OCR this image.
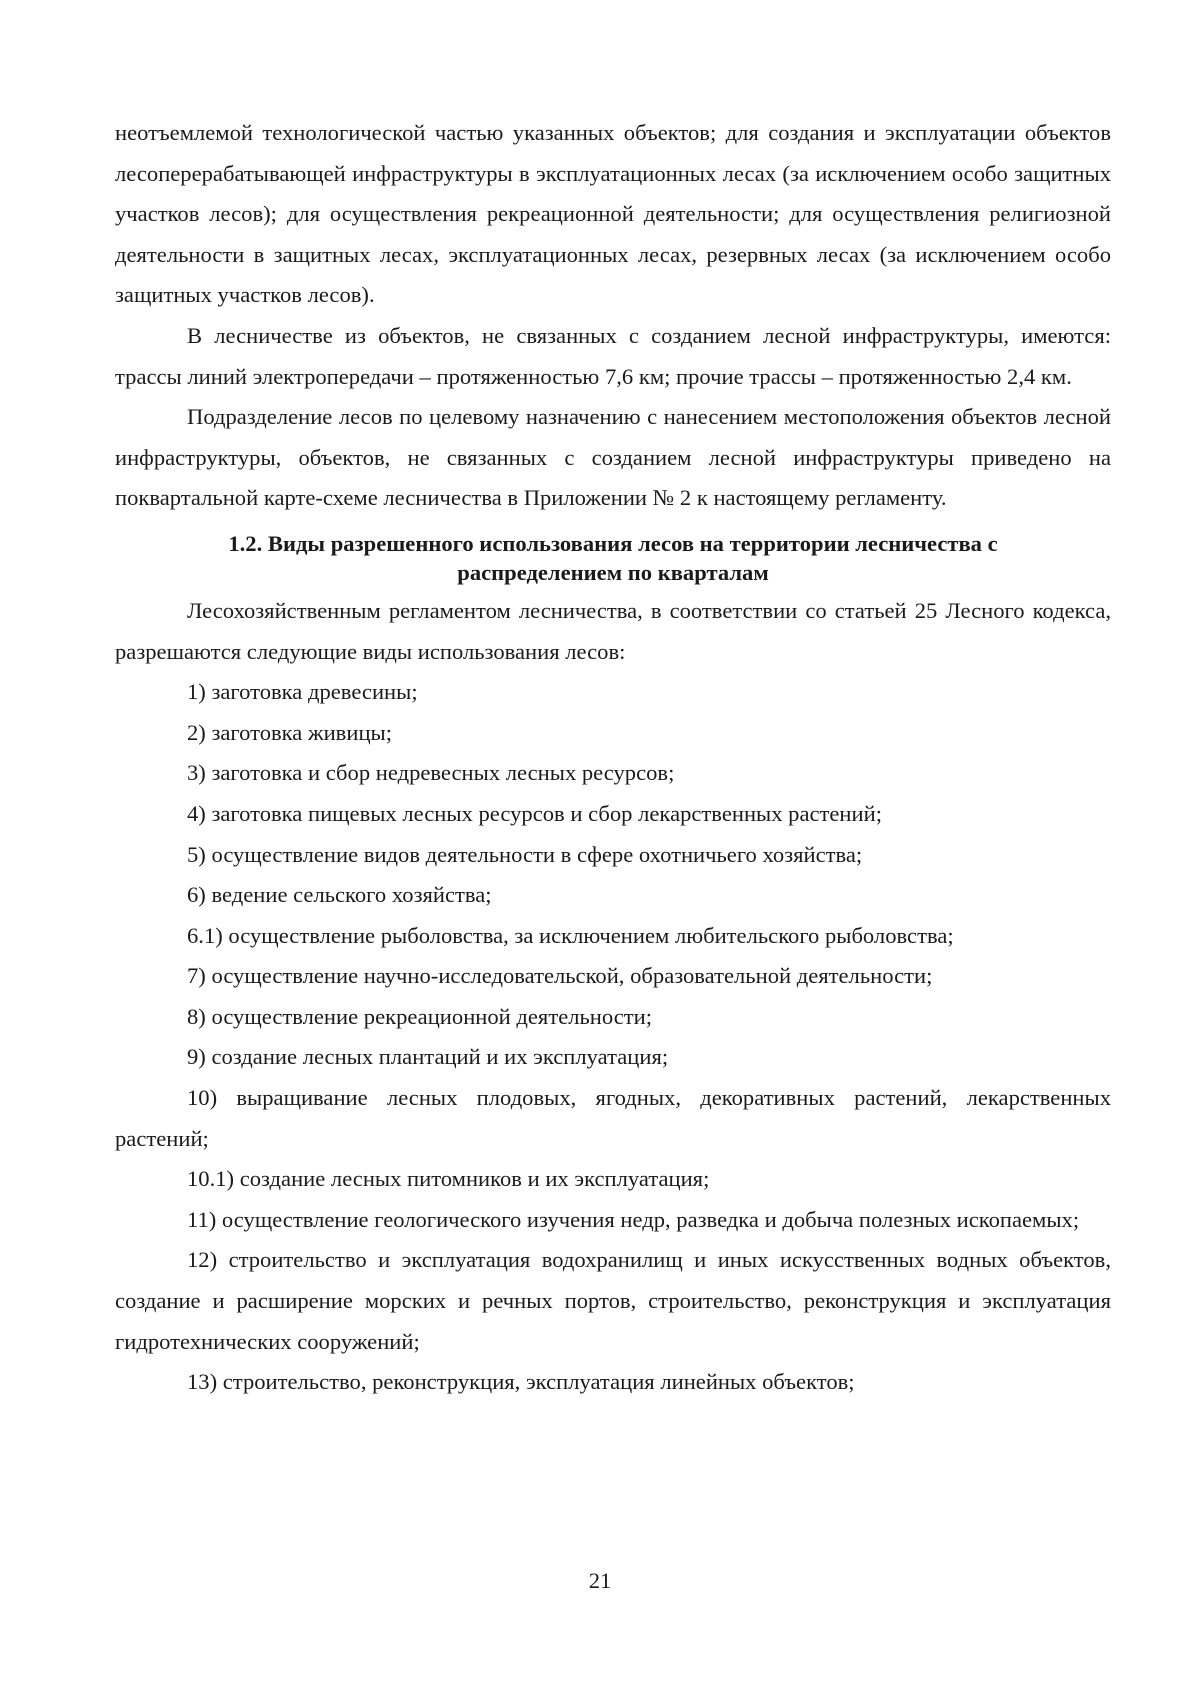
неотъемлемой технологической частью указанных объектов; для создания и эксплуатации объектов лесоперерабатывающей инфраструктуры в эксплуатационных лесах (за исключением особо защитных участков лесов); для осуществления рекреационной деятельности; для осуществления религиозной деятельности в защитных лесах, эксплуатационных лесах, резервных лесах (за исключением особо защитных участков лесов).

В лесничестве из объектов, не связанных с созданием лесной инфраструктуры, имеются: трассы линий электропередачи – протяженностью 7,6 км; прочие трассы – протяженностью 2,4 км.

Подразделение лесов по целевому назначению с нанесением местоположения объектов лесной инфраструктуры, объектов, не связанных с созданием лесной инфраструктуры приведено на поквартальной карте-схеме лесничества в Приложении № 2 к настоящему регламенту.

1.2. Виды разрешенного использования лесов на территории лесничества с
распределением по кварталам

Лесохозяйственным регламентом лесничества, в соответствии со статьей 25 Лесного кодекса, разрешаются следующие виды использования лесов:

1) заготовка древесины;

2) заготовка живицы;

3) заготовка и сбор недревесных лесных ресурсов;

4) заготовка пищевых лесных ресурсов и сбор лекарственных растений;

5) осуществление видов деятельности в сфере охотничьего хозяйства;

6) ведение сельского хозяйства;

6.1) осуществление рыболовства, за исключением любительского рыболовства;

7) осуществление научно-исследовательской, образовательной деятельности;

8) осуществление рекреационной деятельности;

9) создание лесных плантаций и их эксплуатация;

10) выращивание лесных плодовых, ягодных, декоративных растений, лекарственных растений;

10.1) создание лесных питомников и их эксплуатация;

11) осуществление геологического изучения недр, разведка и добыча полезных ископаемых;

12) строительство и эксплуатация водохранилищ и иных искусственных водных объектов, создание и расширение морских и речных портов, строительство, реконструкция и эксплуатация гидротехнических сооружений;

13) строительство, реконструкция, эксплуатация линейных объектов;

21
